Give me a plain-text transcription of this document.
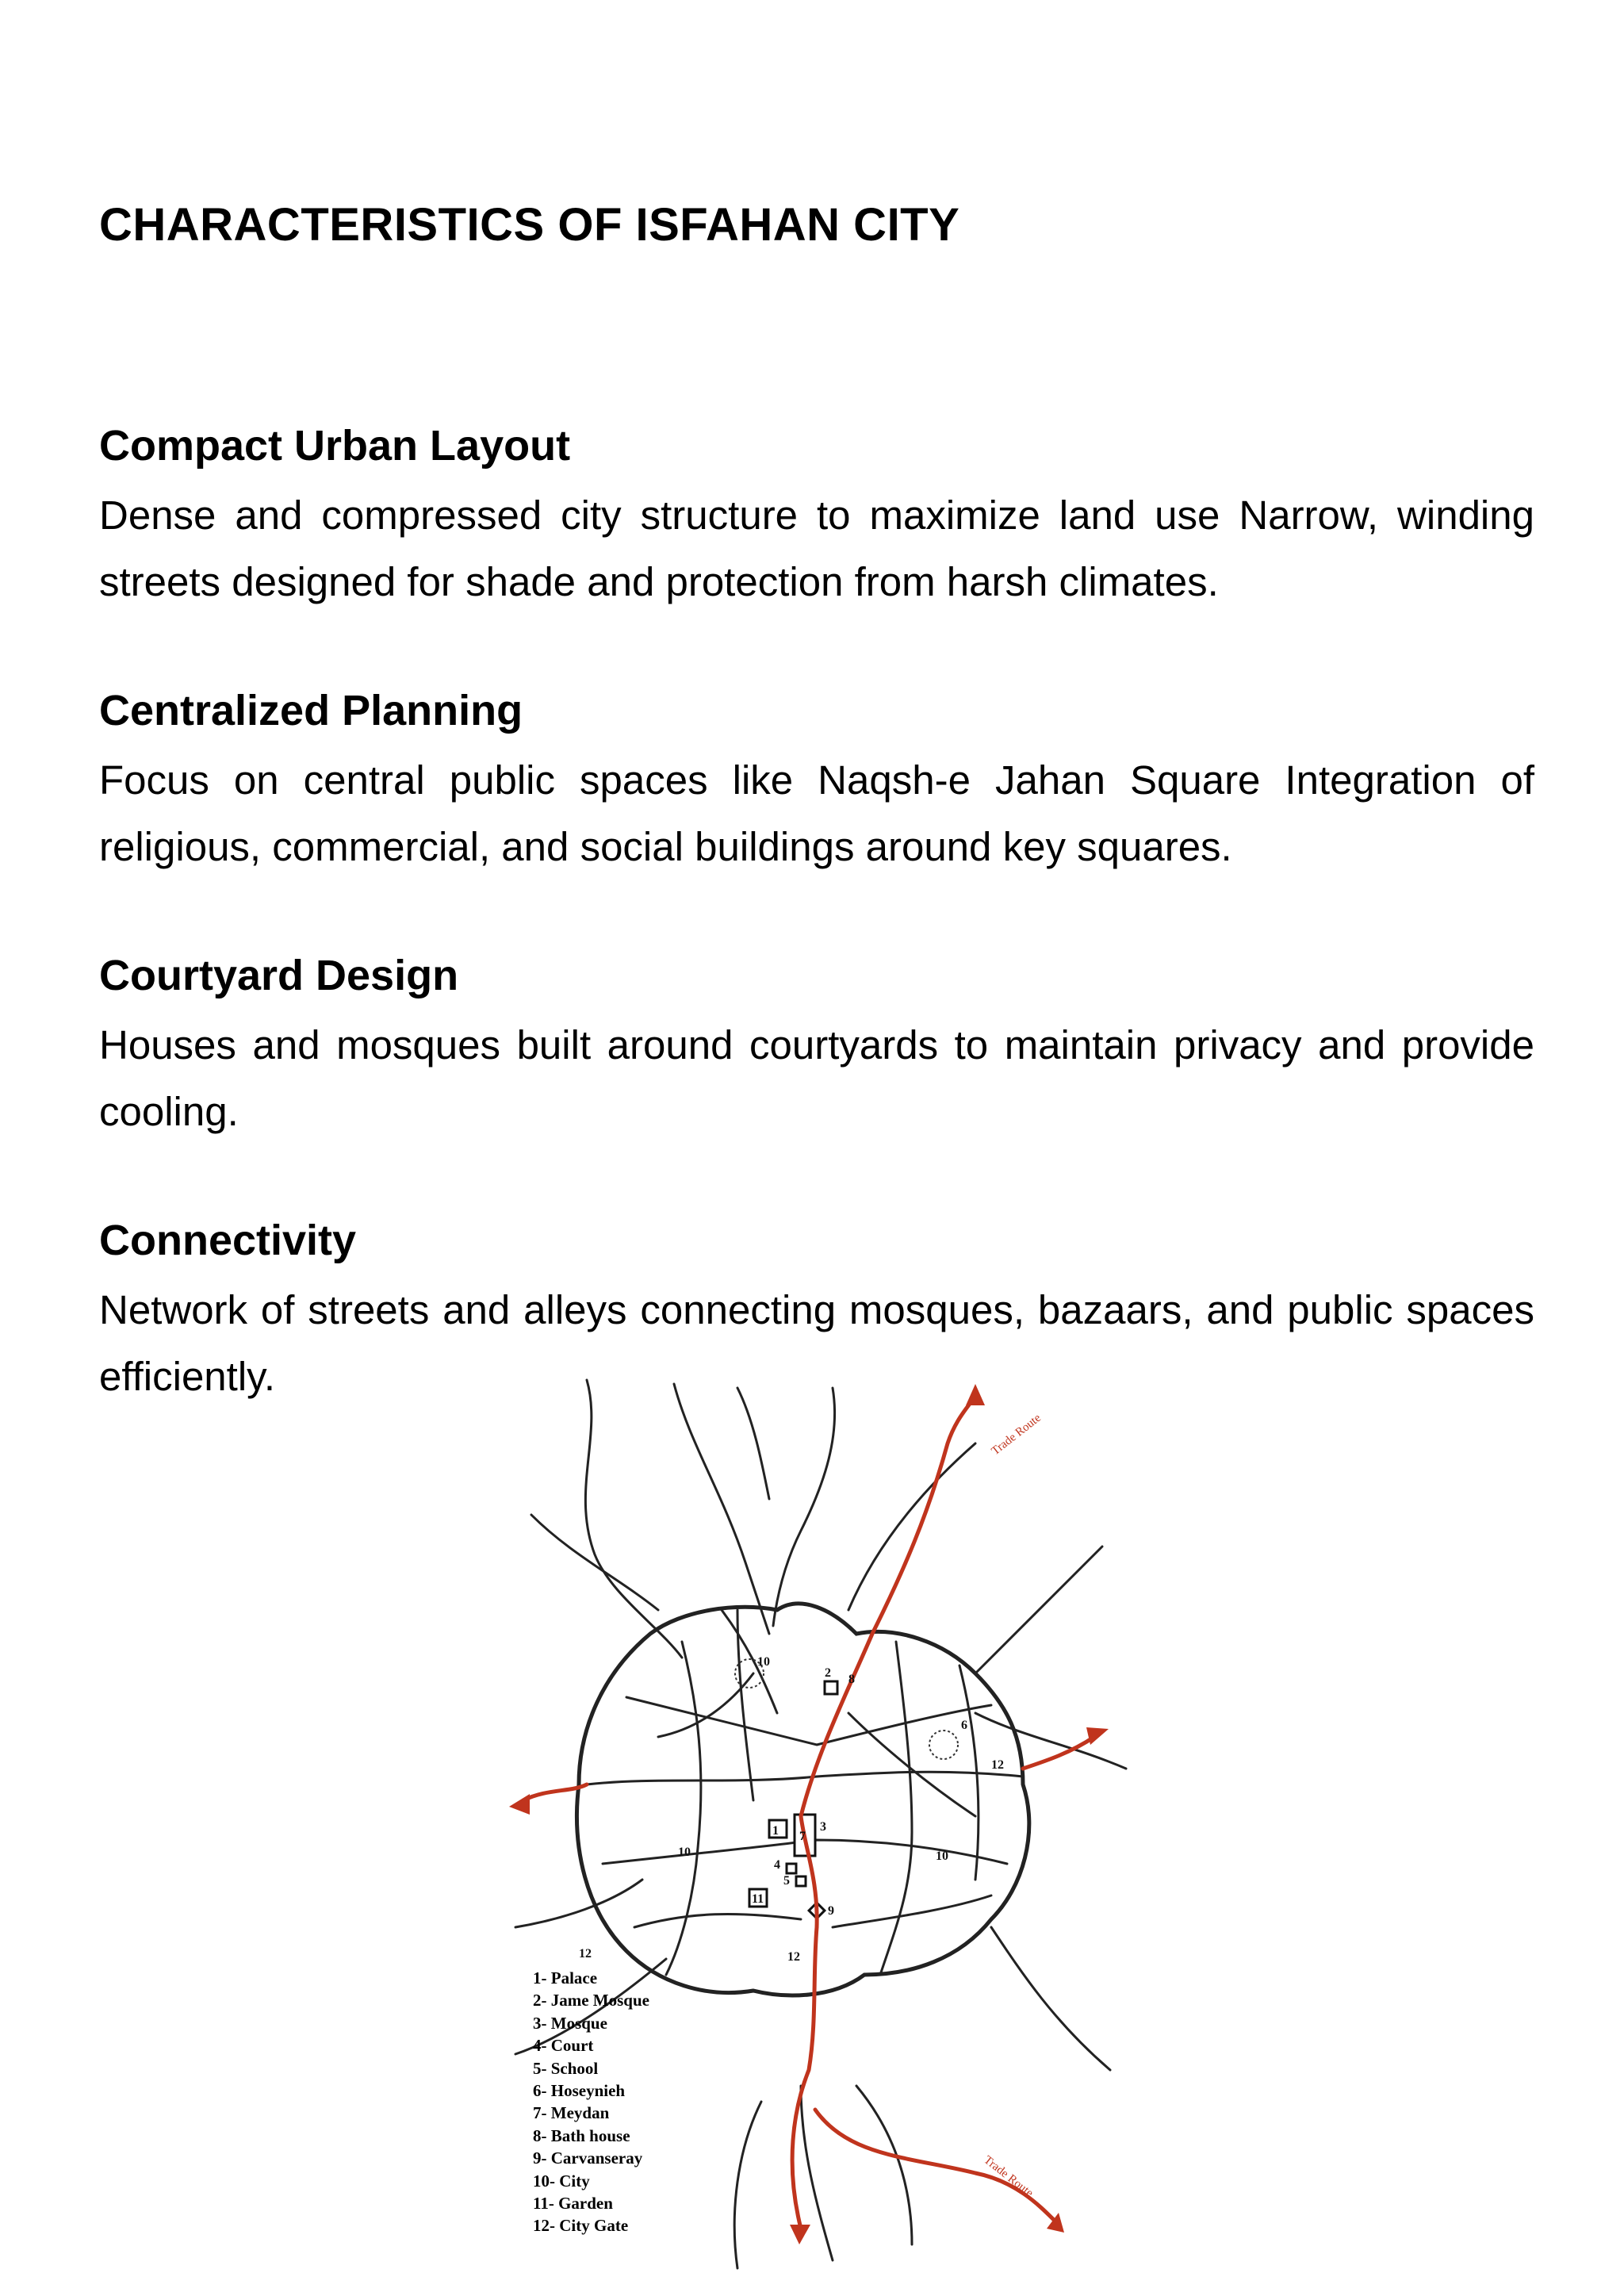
CHARACTERISTICS OF ISFAHAN CITY
Compact Urban Layout

Dense and compressed city structure to maximize land use Narrow, winding streets designed for shade and protection from harsh climates.

Centralized Planning

Focus on central public spaces like Naqsh-e Jahan Square Integration of religious, commercial, and social buildings around key squares.

Courtyard Design

Houses and mosques built around courtyards to maintain privacy and provide cooling.

Connectivity

Network of streets and alleys connecting mosques, bazaars, and public spaces efficiently.

Trade Route
Trade Route
10
2 8
6
12
1 7
3
10	10
4
5
11
9
12	12
1- Palace
2- Jame Mosque
3- Mosque
4- Court
5- School
6- Hoseynieh
7- Meydan
8- Bath house
9- Carvanseray
10- City
11- Garden
12- City Gate
